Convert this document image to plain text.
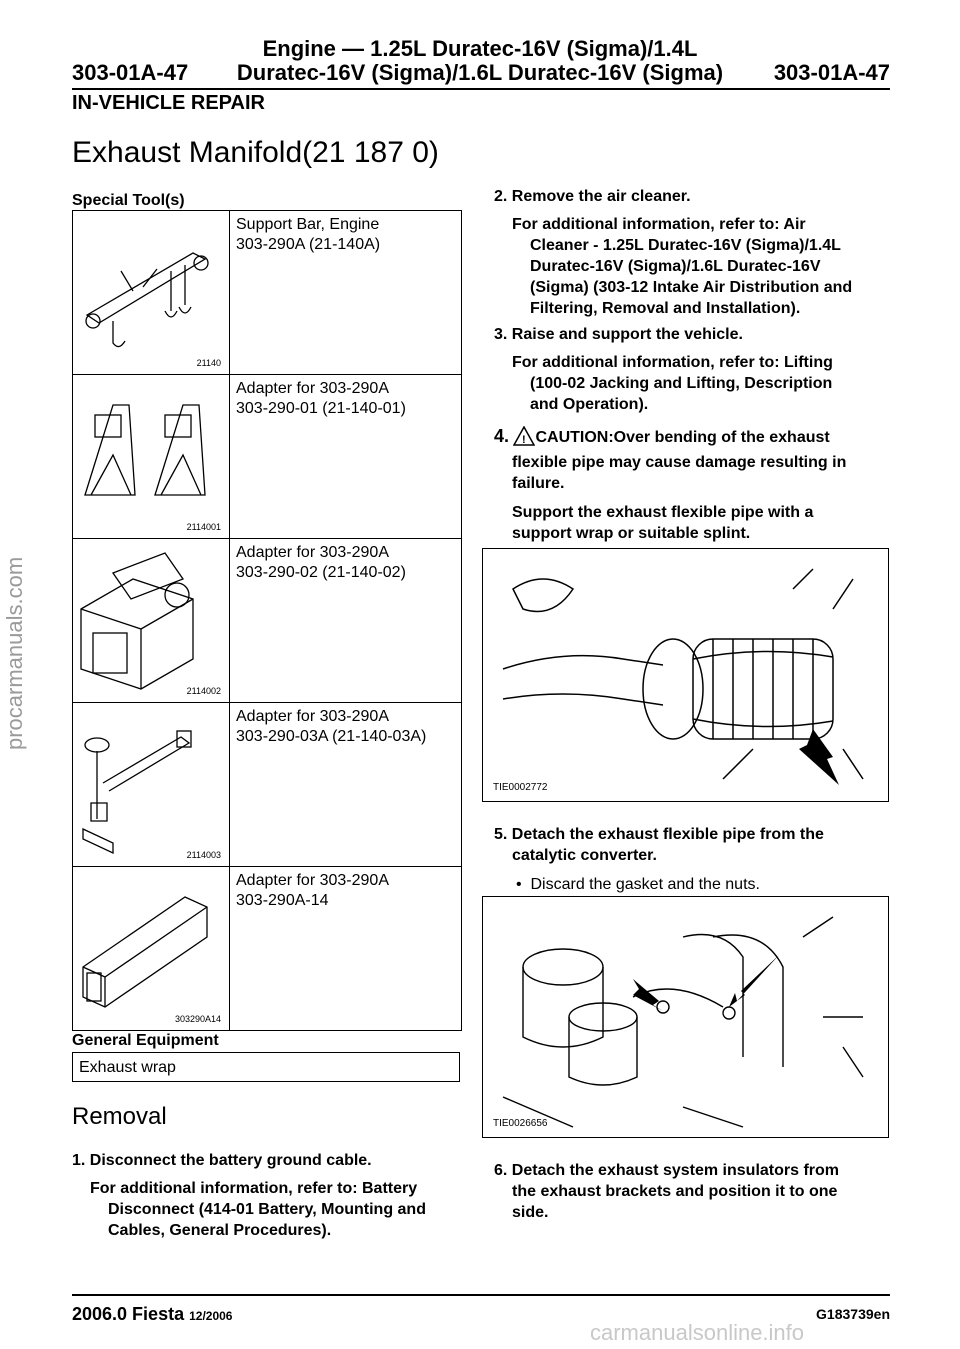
Engine — 1.25L Duratec-16V (Sigma)/1.4L
Duratec-16V (Sigma)/1.6L Duratec-16V (Sigma)
303-01A-47	303-01A-47
IN-VEHICLE REPAIR
Exhaust Manifold(21 187 0)
Special Tool(s)
21140	Support Bar, Engine
303-290A (21-140A)

2114001	Adapter for 303-290A
303-290-01 (21-140-01)

2114002	Adapter for 303-290A
303-290-02 (21-140-02)

2114003	Adapter for 303-290A
303-290-03A (21-140-03A)

303290A14	Adapter for 303-290A
303-290A-14
General Equipment
Exhaust wrap
Removal
1. Disconnect the battery ground cable.
For additional information, refer to: Battery
Disconnect (414-01 Battery, Mounting and
Cables, General Procedures).
2. Remove the air cleaner.
For additional information, refer to: Air
Cleaner - 1.25L Duratec-16V (Sigma)/1.4L
Duratec-16V (Sigma)/1.6L Duratec-16V
(Sigma) (303-12 Intake Air Distribution and
Filtering, Removal and Installation).
3. Raise and support the vehicle.
For additional information, refer to: Lifting
(100-02 Jacking and Lifting, Description
and Operation).
4. ! CAUTION:Over bending of the exhaust
flexible pipe may cause damage resulting in
failure.
Support the exhaust flexible pipe with a
support wrap or suitable splint.
TIE0002772
5. Detach the exhaust flexible pipe from the
catalytic converter.
•  Discard the gasket and the nuts.
TIE0026656
6. Detach the exhaust system insulators from
the exhaust brackets and position it to one
side.
2006.0 Fiesta 12/2006	G183739en
procarmanuals.com
carmanualsonline.info
